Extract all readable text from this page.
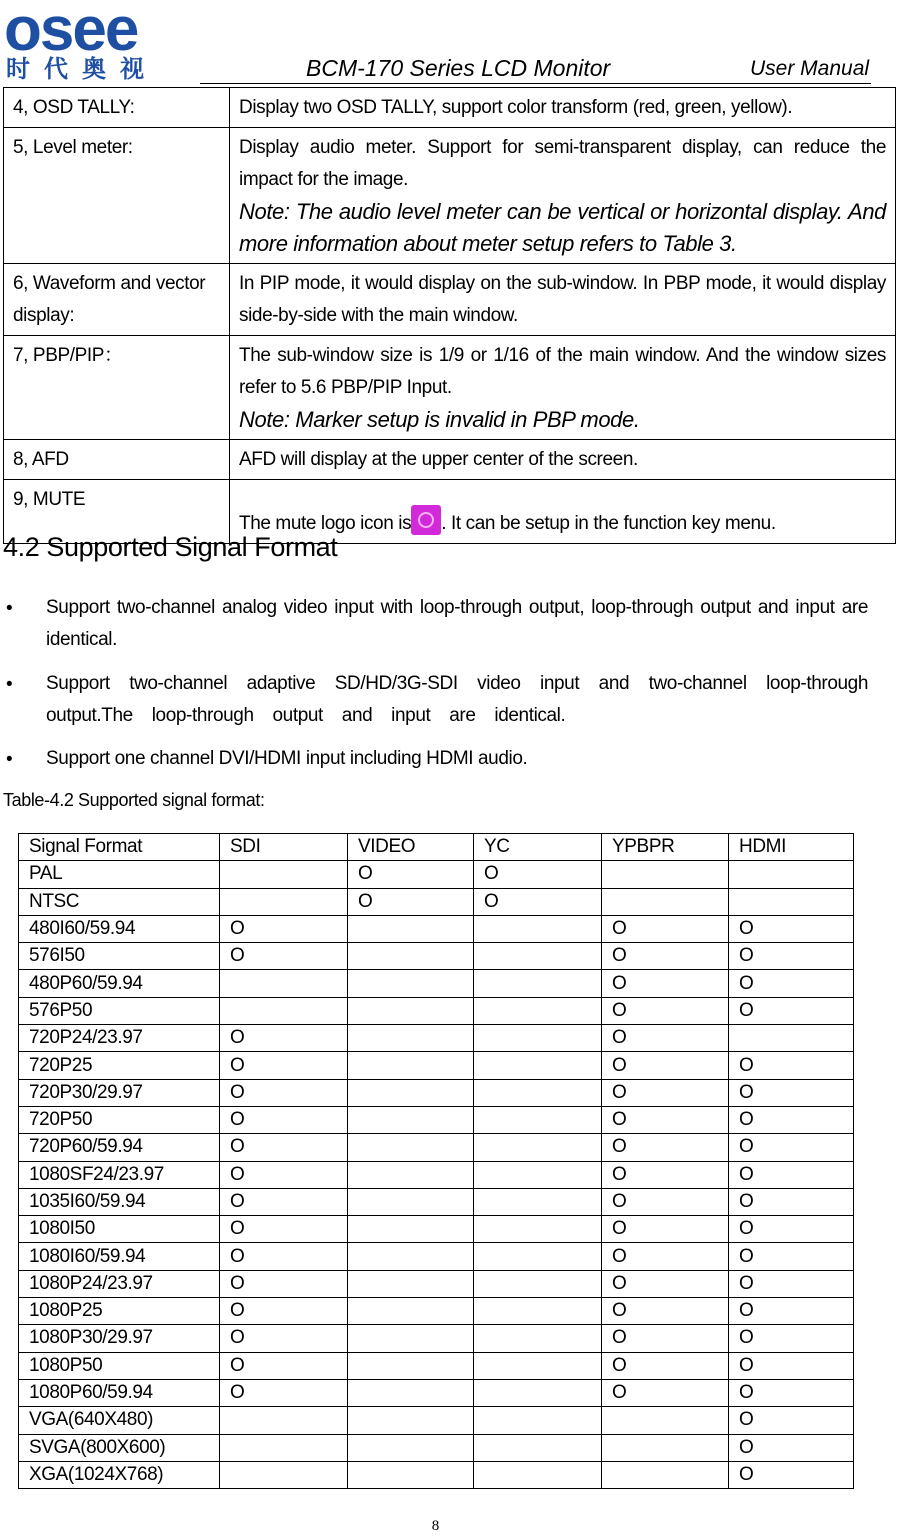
osee
时代奥视	BCM-170 Series LCD Monitor	User Manual
4, OSD TALLY:	Display two OSD TALLY, support color transform (red, green, yellow).
5, Level meter:	Display audio meter. Support for semi-transparent display, can reduce the impact for the image.
Note: The audio level meter can be vertical or horizontal display. And more information about meter setup refers to Table 3.

6, Waveform and vector display:	In PIP mode, it would display on the sub-window. In PBP mode, it would display side-by-side with the main window.
7, PBP/PIP：	The sub-window size is 1/9 or 1/16 of the main window. And the window sizes refer to 5.6 PBP/PIP Input.
Note: Marker setup is invalid in PBP mode.

8, AFD	AFD will display at the upper center of the screen.
9, MUTE	The mute logo icon is . It can be setup in the function key menu.
4.2 Supported Signal Format
• Support two-channel analog video input with loop-through output, loop-through output and input are identical.
• Support two-channel adaptive SD/HD/3G-SDI video input and two-channel loop-through output.The loop-through output and input are identical.
• Support one channel DVI/HDMI input including HDMI audio.
Table-4.2 Supported signal format:
Signal Format	SDI	VIDEO	YC	YPBPR	HDMI
PAL		O	O		
NTSC		O	O		
480I60/59.94	O			O	O
576I50	O			O	O
480P60/59.94				O	O
576P50				O	O
720P24/23.97	O			O	
720P25	O			O	O
720P30/29.97	O			O	O
720P50	O			O	O
720P60/59.94	O			O	O
1080SF24/23.97	O			O	O
1035I60/59.94	O			O	O
1080I50	O			O	O
1080I60/59.94	O			O	O
1080P24/23.97	O			O	O
1080P25	O			O	O
1080P30/29.97	O			O	O
1080P50	O			O	O
1080P60/59.94	O			O	O
VGA(640X480)					O
SVGA(800X600)					O
XGA(1024X768)					O
8
